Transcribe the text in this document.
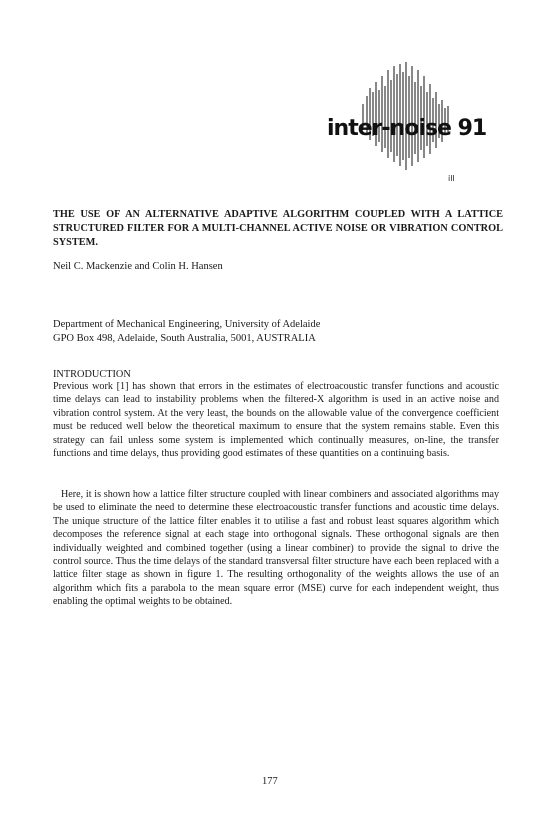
ill
inter-noise 91

THE USE OF AN ALTERNATIVE ADAPTIVE ALGORITHM COUPLED WITH A LATTICE STRUCTURED FILTER FOR A MULTI-CHANNEL ACTIVE NOISE OR VIBRATION CONTROL SYSTEM.

Neil C. Mackenzie and Colin H. Hansen

Department of Mechanical Engineering, University of Adelaide
GPO Box 498, Adelaide, South Australia, 5001, AUSTRALIA

INTRODUCTION

Previous work [1] has shown that errors in the estimates of electroacoustic transfer functions and acoustic time delays can lead to instability problems when the filtered-X algorithm is used in an active noise and vibration control system. At the very least, the bounds on the allowable value of the convergence coefficient must be reduced well below the theoretical maximum to ensure that the system remains stable. Even this strategy can fail unless some system is implemented which continually measures, on-line, the transfer functions and time delays, thus providing good estimates of these quantities on a continuing basis.

Here, it is shown how a lattice filter structure coupled with linear combiners and associated algorithms may be used to eliminate the need to determine these electroacoustic transfer functions and acoustic time delays. The unique structure of the lattice filter enables it to utilise a fast and robust least squares algorithm which decomposes the reference signal at each stage into orthogonal signals. These orthogonal signals are then individually weighted and combined together (using a linear combiner) to provide the signal to drive the control source. Thus the time delays of the standard transversal filter structure have each been replaced with a lattice filter stage as shown in figure 1. The resulting orthogonality of the weights allows the use of an algorithm which fits a parabola to the mean square error (MSE) curve for each independent weight, thus enabling the optimal weights to be obtained.

177
